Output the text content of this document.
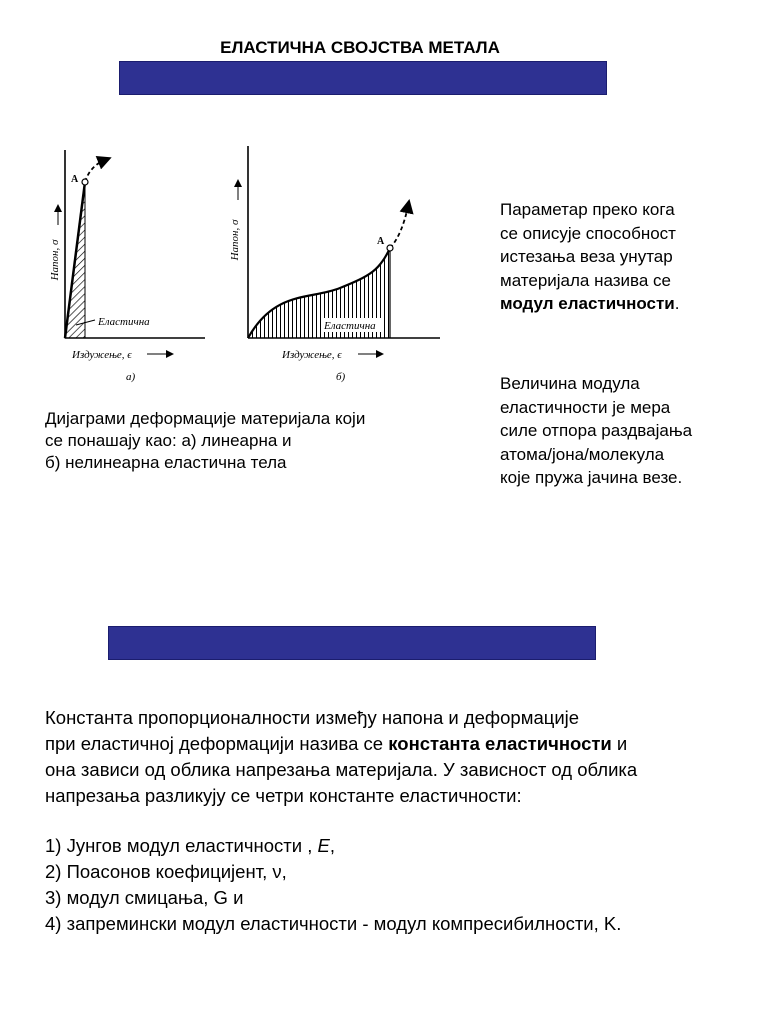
ЕЛАСТИЧНА СВОЈСТВА МЕТАЛА
A
Еластична
Напон, σ
Издужење, ϵ
а)
A
Еластична
Напон, σ
Издужење, ϵ
б)
Дијаграми деформације материјала који
се понашају као: а) линеарна и
б) нелинеарна еластична тела
Параметар преко кога
се описује способност
истезања веза унутар
материјала назива се
модул еластичности.
Величина модула
еластичности је мера
силе отпора раздвајања
атома/јона/молекула
које пружа јачина везе.
Константа пропорционалности између напона и деформације
при еластичној деформацији назива се константа еластичности и
она зависи од облика напрезања материјала. У зависност од облика
напрезања разликују се четри константе еластичности:
1) Јунгов модул еластичности , E,
2) Поасонов коефицијент, ν,
3) модул смицања, G и
4) запремински модул еластичности - модул компресибилности, K.
